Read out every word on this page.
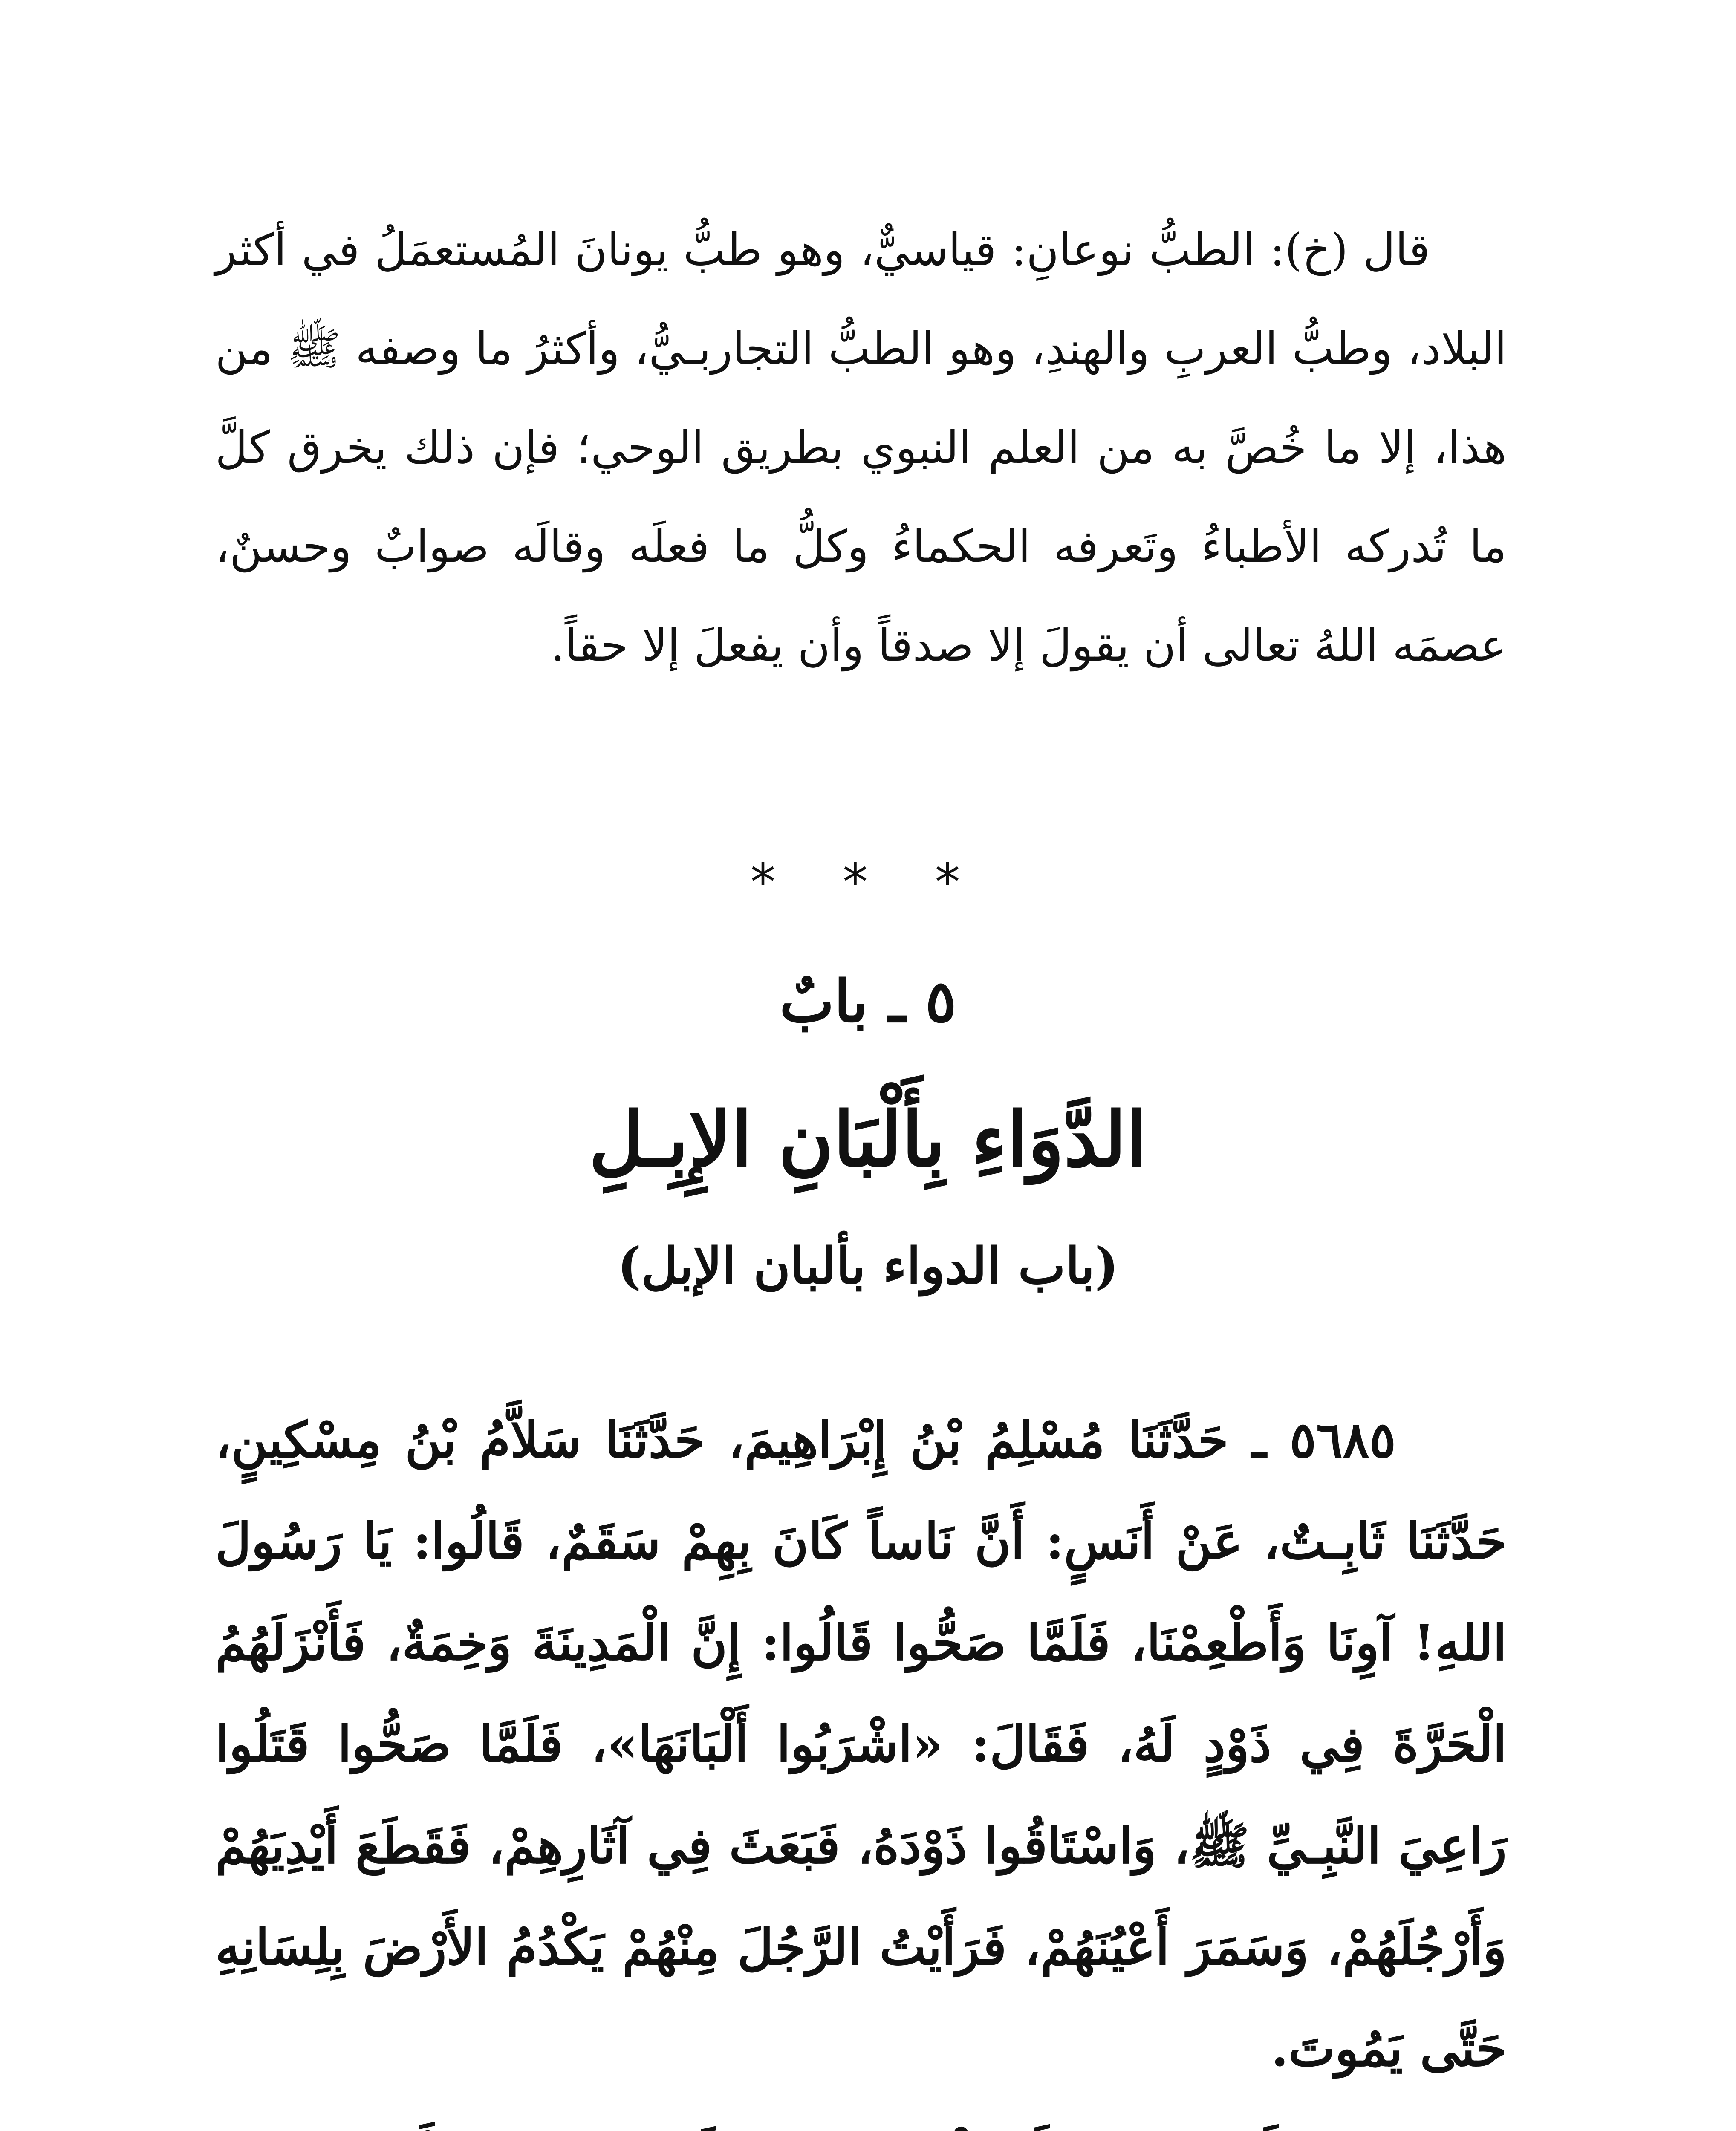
قال (خ): الطبُّ نوعانِ: قياسيٌّ، وهو طبُّ يونانَ المُستعمَلُ في أكثر البلاد، وطبُّ العربِ والهندِ، وهو الطبُّ التجاربـيُّ، وأكثرُ ما وصفه ﷺ من هذا، إلا ما خُصَّ به من العلم النبوي بطريق الوحي؛ فإن ذلك يخرق كلَّ ما تُدركه الأطباءُ وتَعرفه الحكماءُ وكلُّ ما فعلَه وقالَه صوابٌ وحسنٌ، عصمَه اللهُ تعالى أن يقولَ إلا صدقاً وأن يفعلَ إلا حقاً.

* * *
٥ ـ بابٌ
الدَّوَاءِ بِأَلْبَانِ الإِبِـلِ
(باب الدواء بألبان الإبل)

٥٦٨٥ ـ حَدَّثَنَا مُسْلِمُ بْنُ إِبْرَاهِيمَ، حَدَّثَنَا سَلاَّمُ بْنُ مِسْكِينٍ، حَدَّثَنَا ثَابِـتٌ، عَنْ أَنَسٍ: أَنَّ نَاساً كَانَ بِهِمْ سَقَمٌ، قَالُوا: يَا رَسُولَ اللهِ! آوِنَا وَأَطْعِمْنَا، فَلَمَّا صَحُّوا قَالُوا: إِنَّ الْمَدِينَةَ وَخِمَةٌ، فَأَنْزَلَهُمُ الْحَرَّةَ فِي ذَوْدٍ لَهُ، فَقَالَ: «اشْرَبُوا أَلْبَانَهَا»، فَلَمَّا صَحُّوا قَتَلُوا رَاعِيَ النَّبِـيِّ ﷺ، وَاسْتَاقُوا ذَوْدَهُ، فَبَعَثَ فِي آثَارِهِمْ، فَقَطَعَ أَيْدِيَهُمْ وَأَرْجُلَهُمْ، وَسَمَرَ أَعْيُنَهُمْ، فَرَأَيْتُ الرَّجُلَ مِنْهُمْ يَكْدُمُ الأَرْضَ بِلِسَانِهِ حَتَّى يَمُوتَ.
